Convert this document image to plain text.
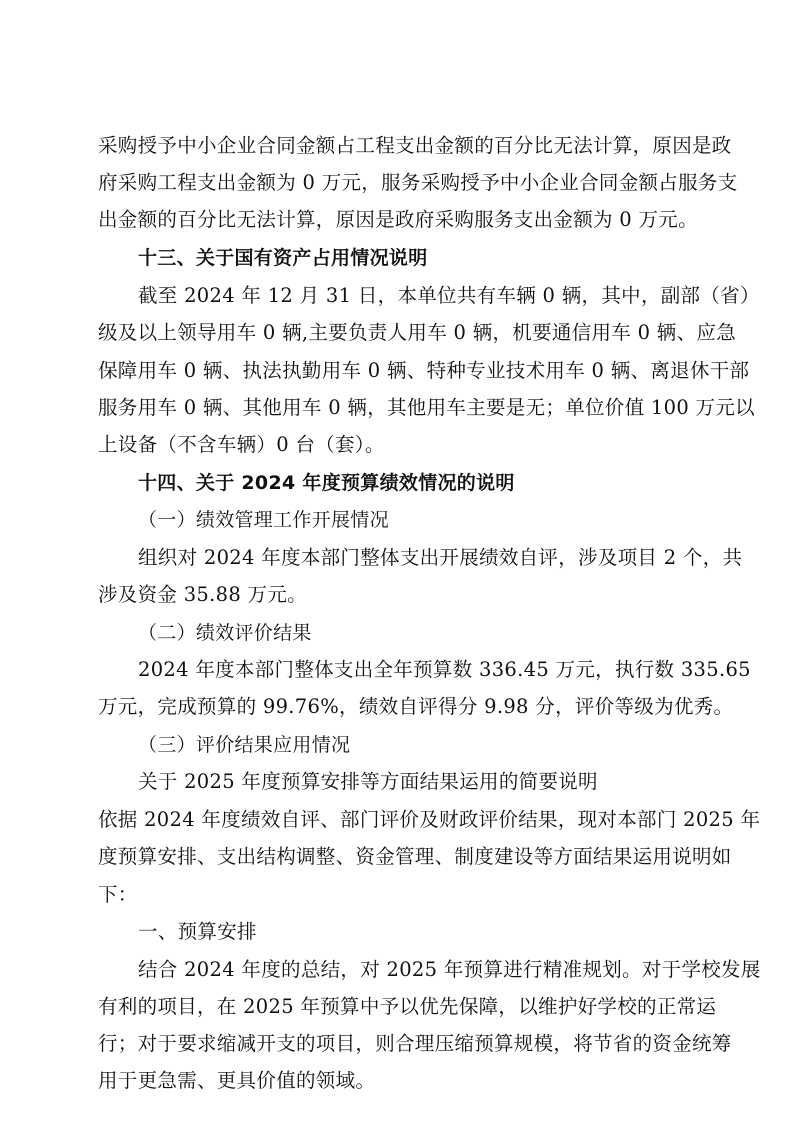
采购授予中小企业合同金额占工程支出金额的百分比无法计算，原因是政
府采购工程支出金额为 0 万元，服务采购授予中小企业合同金额占服务支
出金额的百分比无法计算，原因是政府采购服务支出金额为 0 万元。
十三、关于国有资产占用情况说明
截至 2024 年 12 月 31 日，本单位共有车辆 0 辆，其中，副部（省）
级及以上领导用车 0 辆,主要负责人用车 0 辆，机要通信用车 0 辆、应急
保障用车 0 辆、执法执勤用车 0 辆、特种专业技术用车 0 辆、离退休干部
服务用车 0 辆、其他用车 0 辆，其他用车主要是无；单位价值 100 万元以
上设备（不含车辆）0 台（套）。
十四、关于 2024 年度预算绩效情况的说明
（一）绩效管理工作开展情况
组织对 2024 年度本部门整体支出开展绩效自评，涉及项目 2 个，共
涉及资金 35.88 万元。
（二）绩效评价结果
2024 年度本部门整体支出全年预算数 336.45 万元，执行数 335.65
万元，完成预算的 99.76%，绩效自评得分 9.98 分，评价等级为优秀。
（三）评价结果应用情况
关于 2025 年度预算安排等方面结果运用的简要说明
依据 2024 年度绩效自评、部门评价及财政评价结果，现对本部门 2025 年
度预算安排、支出结构调整、资金管理、制度建设等方面结果运用说明如
下：
一、预算安排
结合 2024 年度的总结，对 2025 年预算进行精准规划。对于学校发展
有利的项目，在 2025 年预算中予以优先保障，以维护好学校的正常运
行；对于要求缩减开支的项目，则合理压缩预算规模，将节省的资金统筹
用于更急需、更具价值的领域。
